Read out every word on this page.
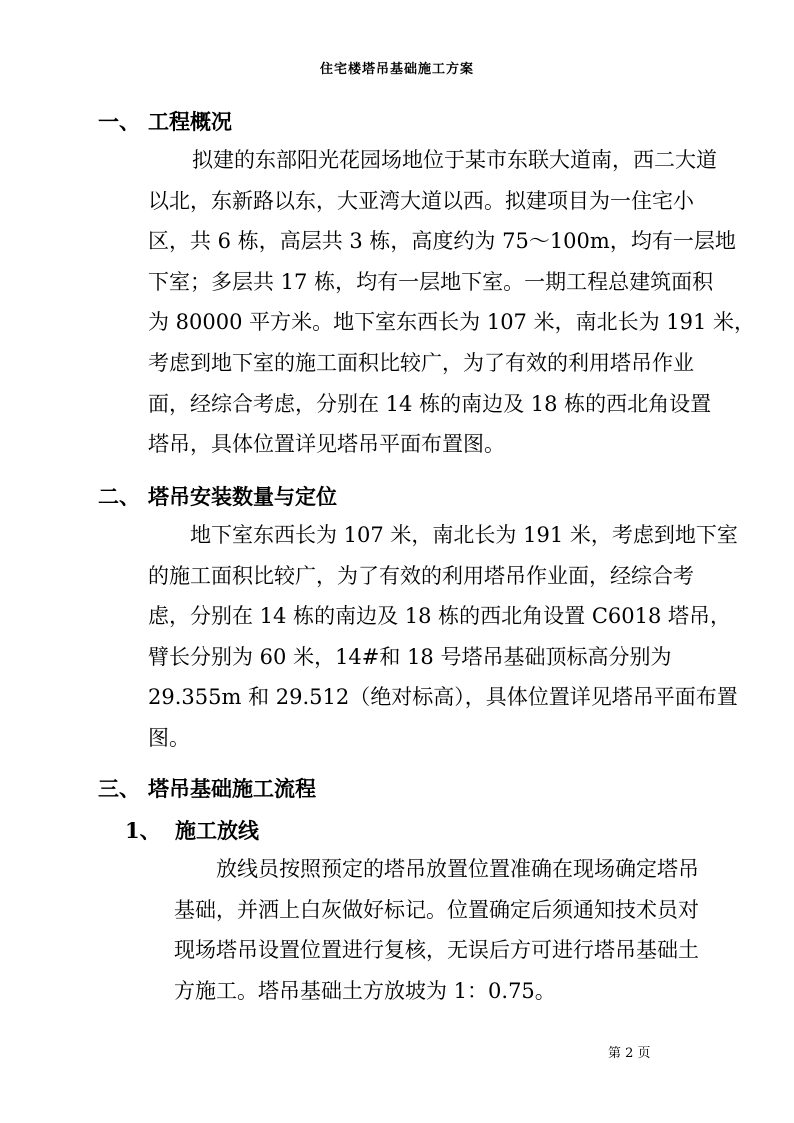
住宅楼塔吊基础施工方案
一、 工程概况
拟建的东部阳光花园场地位于某市东联大道南，西二大道
以北，东新路以东，大亚湾大道以西。拟建项目为一住宅小
区，共 6 栋，高层共 3 栋，高度约为 75～100m，均有一层地
下室；多层共 17 栋，均有一层地下室。一期工程总建筑面积
为 80000 平方米。地下室东西长为 107 米，南北长为 191 米，
考虑到地下室的施工面积比较广，为了有效的利用塔吊作业
面，经综合考虑，分别在 14 栋的南边及 18 栋的西北角设置
塔吊，具体位置详见塔吊平面布置图。
二、 塔吊安装数量与定位
地下室东西长为 107 米，南北长为 191 米，考虑到地下室
的施工面积比较广，为了有效的利用塔吊作业面，经综合考
虑，分别在 14 栋的南边及 18 栋的西北角设置 C6018 塔吊，
臂长分别为 60 米，14#和 18 号塔吊基础顶标高分别为
29.355m 和 29.512（绝对标高），具体位置详见塔吊平面布置
图。
三、 塔吊基础施工流程
1、 施工放线
放线员按照预定的塔吊放置位置准确在现场确定塔吊
基础，并洒上白灰做好标记。位置确定后须通知技术员对
现场塔吊设置位置进行复核，无误后方可进行塔吊基础土
方施工。塔吊基础土方放坡为 1：0.75。
第 2 页
